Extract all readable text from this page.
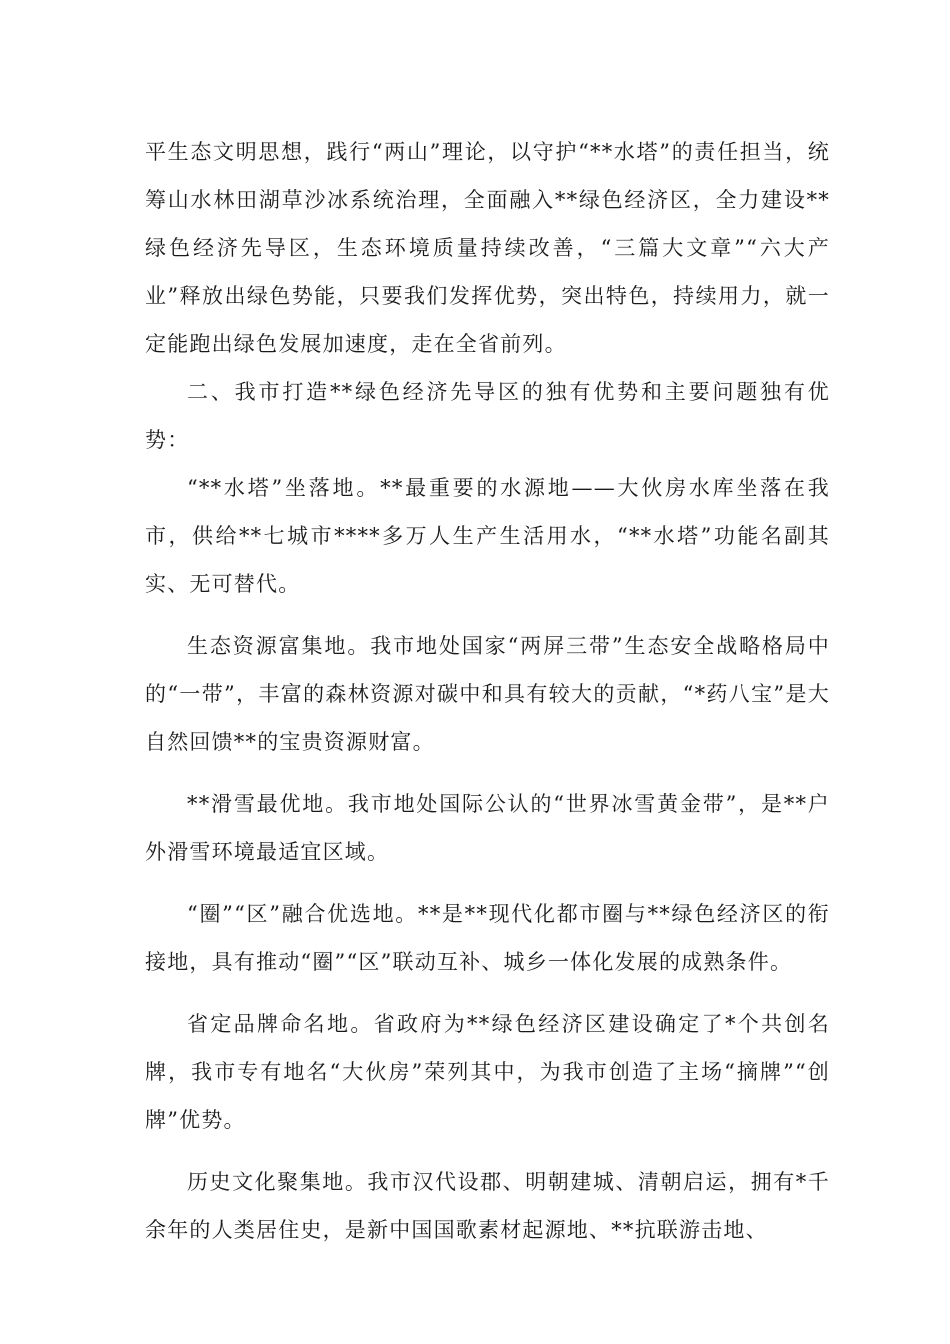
平生态文明思想，践行“两山”理论，以守护“**水塔”的责任担当，统筹山水林田湖草沙冰系统治理，全面融入**绿色经济区，全力建设**绿色经济先导区，生态环境质量持续改善，“三篇大文章”“六大产业”释放出绿色势能，只要我们发挥优势，突出特色，持续用力，就一定能跑出绿色发展加速度，走在全省前列。

二、我市打造**绿色经济先导区的独有优势和主要问题独有优势：

“**水塔”坐落地。**最重要的水源地——大伙房水库坐落在我市，供给**七城市****多万人生产生活用水，“**水塔”功能名副其实、无可替代。

生态资源富集地。我市地处国家“两屏三带”生态安全战略格局中的“一带”，丰富的森林资源对碳中和具有较大的贡献，“*药八宝”是大自然回馈**的宝贵资源财富。

**滑雪最优地。我市地处国际公认的“世界冰雪黄金带”，是**户外滑雪环境最适宜区域。

“圈”“区”融合优选地。**是**现代化都市圈与**绿色经济区的衔接地，具有推动“圈”“区”联动互补、城乡一体化发展的成熟条件。

省定品牌命名地。省政府为**绿色经济区建设确定了*个共创名牌，我市专有地名“大伙房”荣列其中，为我市创造了主场“摘牌”“创牌”优势。

历史文化聚集地。我市汉代设郡、明朝建城、清朝启运，拥有*千余年的人类居住史，是新中国国歌素材起源地、**抗联游击地、
